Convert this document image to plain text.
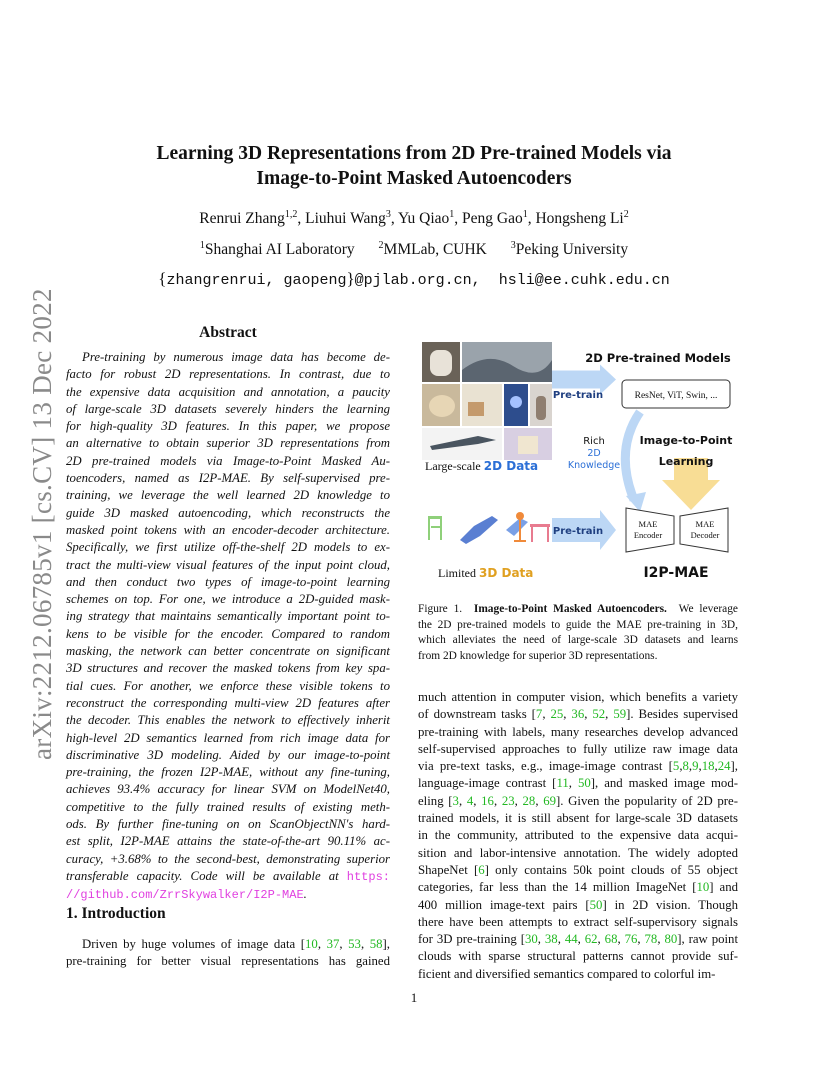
Learning 3D Representations from 2D Pre-trained Models via
Image-to-Point Masked Autoencoders
Renrui Zhang$^{1,2}$, Liuhui Wang$^3$, Yu Qiao$^1$, Peng Gao$^1$, Hongsheng Li$^2$
$^1$Shanghai AI Laboratory $^2$MMLab, CUHK $^3$Peking University
{zhangrenrui, gaopeng}@pjlab.org.cn, hsli@ee.cuhk.edu.cn
arXiv:2212.06785v1 [cs.CV] 13 Dec 2022	Abstract
Pre-training by numerous image data has become de-
facto for robust 2D representations. In contrast, due to
the expensive data acquisition and annotation, a paucity
of large-scale 3D datasets severely hinders the learning
for high-quality 3D features. In this paper, we propose
an alternative to obtain superior 3D representations from
2D pre-trained models via Image-to-Point Masked Au-
toencoders, named as I2P-MAE. By self-supervised pre-
training, we leverage the well learned 2D knowledge to
guide 3D masked autoencoding, which reconstructs the
masked point tokens with an encoder-decoder architecture.
Specifically, we first utilize off-the-shelf 2D models to ex-
tract the multi-view visual features of the input point cloud,
and then conduct two types of image-to-point learning
schemes on top. For one, we introduce a 2D-guided mask-
ing strategy that maintains semantically important point to-
kens to be visible for the encoder. Compared to random
masking, the network can better concentrate on significant
3D structures and recover the masked tokens from key spa-
tial cues. For another, we enforce these visible tokens to
reconstruct the corresponding multi-view 2D features after
the decoder. This enables the network to effectively inherit
high-level 2D semantics learned from rich image data for
discriminative 3D modeling. Aided by our image-to-point
pre-training, the frozen I2P-MAE, without any fine-tuning,
achieves 93.4% accuracy for linear SVM on ModelNet40,
competitive to the fully trained results of existing meth-
ods. By further fine-tuning on on ScanObjectNN's hard-
est split, I2P-MAE attains the state-of-the-art 90.11% ac-
curacy, +3.68% to the second-best, demonstrating superior
transferable capacity. Code will be available at https:
//github.com/ZrrSkywalker/I2P-MAE.
1. Introduction
Driven by huge volumes of image data [10, 37, 53, 58],
pre-training for better visual representations has gained
2D Pre-trained Models
Pre-train	ResNet, ViT, Swin, ...
Large-scale 2D Data
Rich
2D
Knowledge
Image-to-Point
Learning
Pre-train
MAE
Encoder
MAE
Decoder
Limited 3D Data	I2P-MAE
Figure 1. Image-to-Point Masked Autoencoders. We leverage
the 2D pre-trained models to guide the MAE pre-training in 3D,
which alleviates the need of large-scale 3D datasets and learns
from 2D knowledge for superior 3D representations.
much attention in computer vision, which benefits a variety
of downstream tasks [7, 25, 36, 52, 59]. Besides supervised
pre-training with labels, many researches develop advanced
self-supervised approaches to fully utilize raw image data
via pre-text tasks, e.g., image-image contrast [5,8,9,18,24],
language-image contrast [11, 50], and masked image mod-
eling [3, 4, 16, 23, 28, 69]. Given the popularity of 2D pre-
trained models, it is still absent for large-scale 3D datasets
in the community, attributed to the expensive data acqui-
sition and labor-intensive annotation. The widely adopted
ShapeNet [6] only contains 50k point clouds of 55 object
categories, far less than the 14 million ImageNet [10] and
400 million image-text pairs [50] in 2D vision. Though
there have been attempts to extract self-supervisory signals
for 3D pre-training [30, 38, 44, 62, 68, 76, 78, 80], raw point
clouds with sparse structural patterns cannot provide suf-
ficient and diversified semantics compared to colorful im-
1
